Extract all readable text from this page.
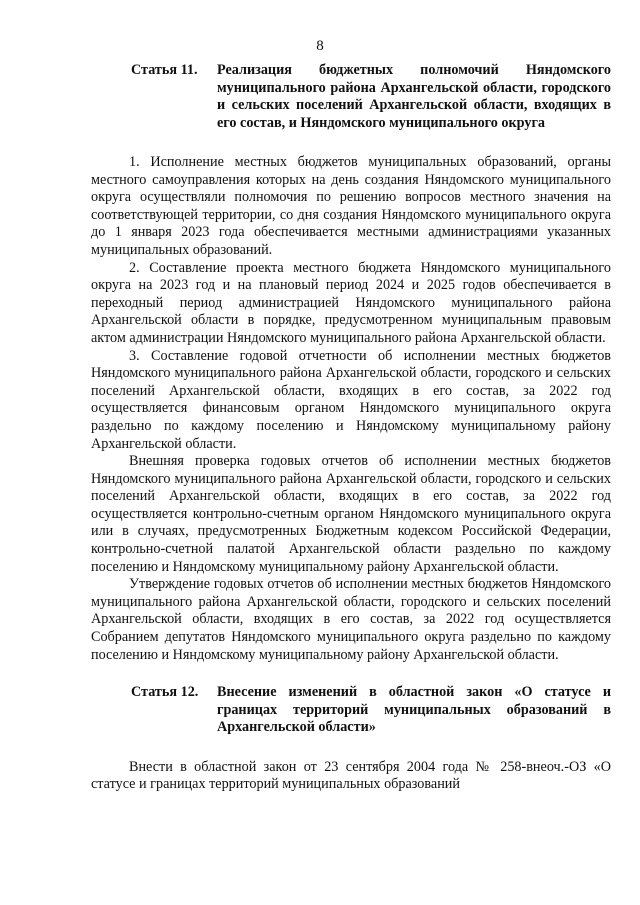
8
Статья 11.	Реализация бюджетных полномочий Няндомского муниципального района Архангельской области, городского и сельских поселений Архангельской области, входящих в его состав, и Няндомского муниципального округа

1. Исполнение местных бюджетов муниципальных образований, органы местного самоуправления которых на день создания Няндомского муниципального округа осуществляли полномочия по решению вопросов местного значения на соответствующей территории, со дня создания Няндомского муниципального округа до 1 января 2023 года обеспечивается местными администрациями указанных муниципальных образований.

2. Составление проекта местного бюджета Няндомского муниципального округа на 2023 год и на плановый период 2024 и 2025 годов обеспечивается в переходный период администрацией Няндомского муниципального района Архангельской области в порядке, предусмотренном муниципальным правовым актом администрации Няндомского муниципального района Архангельской области.

3. Составление годовой отчетности об исполнении местных бюджетов Няндомского муниципального района Архангельской области, городского и сельских поселений Архангельской области, входящих в его состав, за 2022 год осуществляется финансовым органом Няндомского муниципального округа раздельно по каждому поселению и Няндомскому муниципальному району Архангельской области.

Внешняя проверка годовых отчетов об исполнении местных бюджетов Няндомского муниципального района Архангельской области, городского и сельских поселений Архангельской области, входящих в его состав, за 2022 год осуществляется контрольно-счетным органом Няндомского муниципального округа или в случаях, предусмотренных Бюджетным кодексом Российской Федерации, контрольно-счетной палатой Архангельской области раздельно по каждому поселению и Няндомскому муниципальному району Архангельской области.

Утверждение годовых отчетов об исполнении местных бюджетов Няндомского муниципального района Архангельской области, городского и сельских поселений Архангельской области, входящих в его состав, за 2022 год осуществляется Собранием депутатов Няндомского муниципального округа раздельно по каждому поселению и Няндомскому муниципальному району Архангельской области.

Статья 12.	Внесение изменений в областной закон «О статусе и границах территорий муниципальных образований в Архангельской области»

Внести в областной закон от 23 сентября 2004 года № 258-внеоч.-ОЗ «О статусе и границах территорий муниципальных образований
